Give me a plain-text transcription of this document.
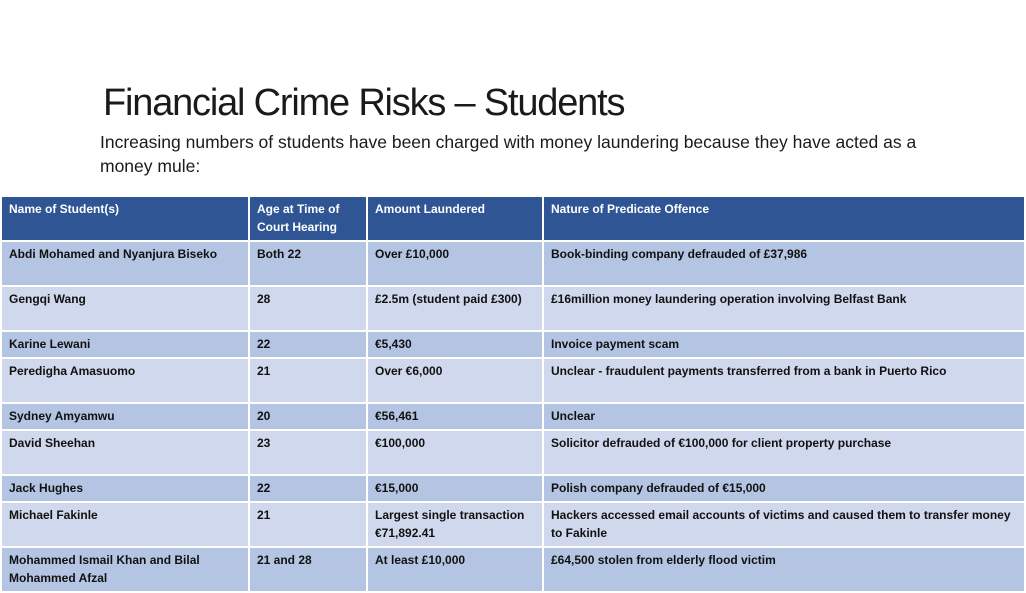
Financial Crime Risks – Students
Increasing numbers of students have been charged with money laundering because they have acted as a money mule:
Name of Student(s)	Age at Time of Court Hearing	Amount Laundered	Nature of Predicate Offence
Abdi Mohamed and Nyanjura Biseko	Both 22	Over £10,000	Book-binding company defrauded of £37,986
Gengqi Wang	28	£2.5m (student paid £300)	£16million money laundering operation involving Belfast Bank
Karine Lewani	22	€5,430	Invoice payment scam
Peredigha Amasuomo	21	Over €6,000	Unclear - fraudulent payments transferred from a bank in Puerto Rico
Sydney Amyamwu	20	€56,461	Unclear
David Sheehan	23	€100,000	Solicitor defrauded of €100,000 for client property purchase
Jack Hughes	22	€15,000	Polish company defrauded of €15,000
Michael Fakinle	21	Largest single transaction €71,892.41	Hackers accessed email accounts of victims and caused them to transfer money to Fakinle
Mohammed Ismail Khan and Bilal Mohammed Afzal	21 and 28	At least £10,000	£64,500 stolen from elderly flood victim
